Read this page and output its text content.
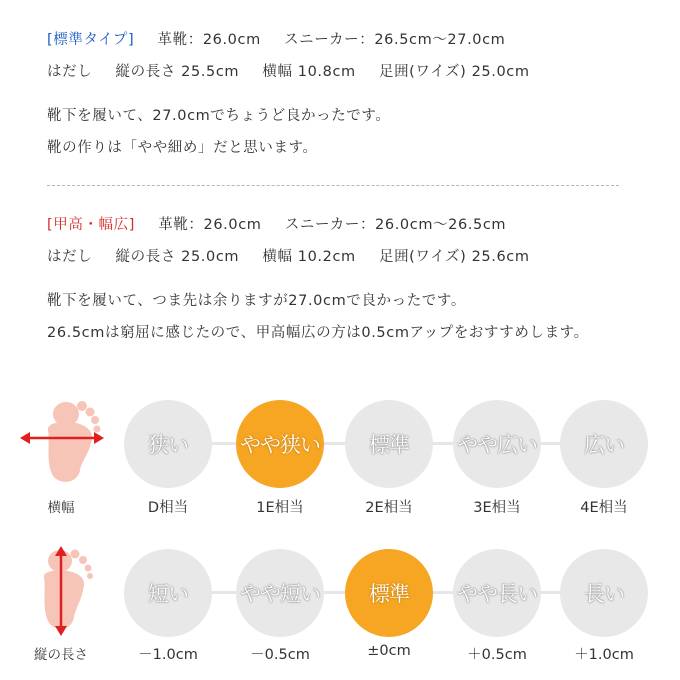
[標準タイプ] 革靴：26.0cm スニーカー：26.5cm〜27.0cm
はだし 縦の長さ 25.5cm 横幅 10.8cm 足囲(ワイズ) 25.0cm
靴下を履いて、27.0cmでちょうど良かったです。
靴の作りは「やや細め」だと思います。
[甲高・幅広] 革靴：26.0cm スニーカー：26.0cm〜26.5cm
はだし 縦の長さ 25.0cm 横幅 10.2cm 足囲(ワイズ) 25.6cm
靴下を履いて、つま先は余りますが27.0cmで良かったです。
26.5cmは窮屈に感じたので、甲高幅広の方は0.5cmアップをおすすめします。
横幅
狭い
D相当
やや狭い
1E相当
標準
2E相当
やや広い
3E相当
広い
4E相当
縦の長さ
短い
－1.0cm
やや短い
－0.5cm
標準
±0cm
やや長い
＋0.5cm
長い
＋1.0cm
